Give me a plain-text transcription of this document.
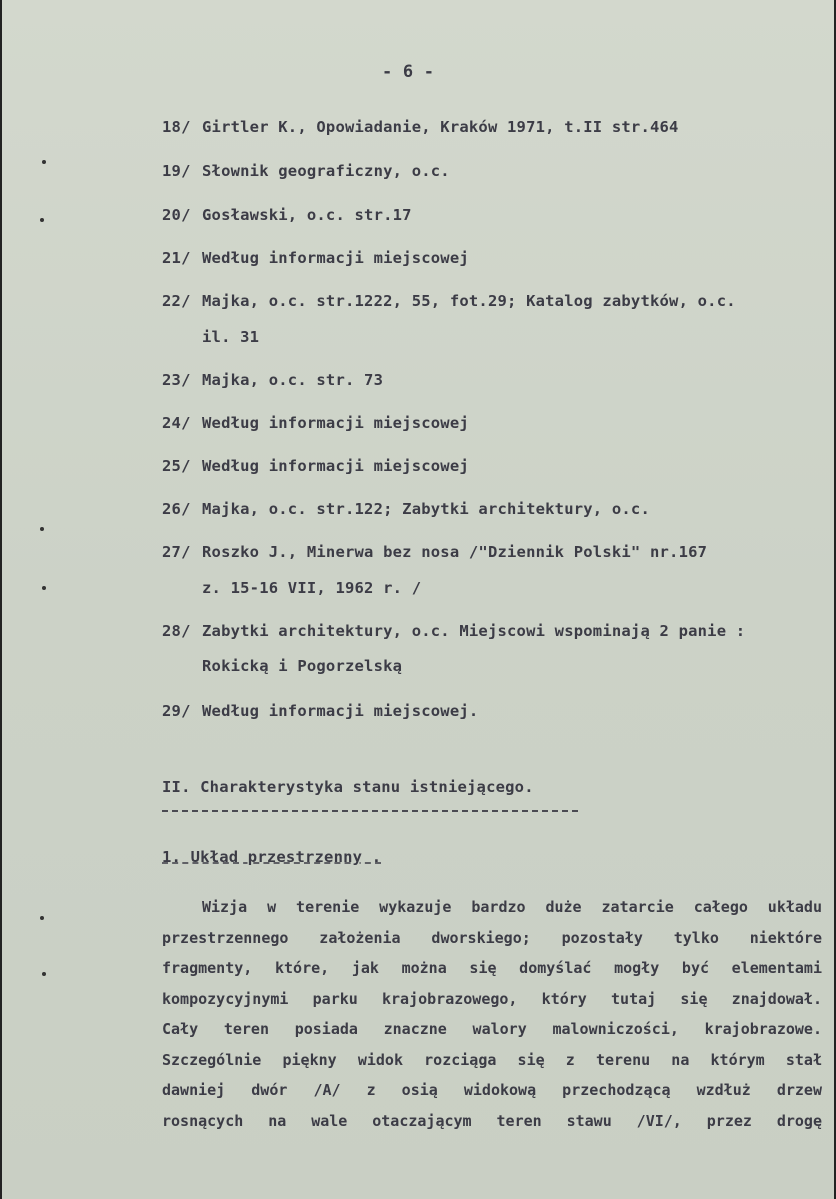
- 6 -
18/ Girtler K., Opowiadanie, Kraków 1971, t.II str.464
19/ Słownik geograficzny, o.c.
20/ Gosławski, o.c. str.17
21/ Według informacji miejscowej
22/ Majka, o.c. str.1222, 55, fot.29; Katalog zabytków, o.c.
il. 31
23/ Majka, o.c. str. 73
24/ Według informacji miejscowej
25/ Według informacji miejscowej
26/ Majka, o.c. str.122; Zabytki architektury, o.c.
27/ Roszko J., Minerwa bez nosa /"Dziennik Polski" nr.167
z. 15-16 VII, 1962 r. /
28/ Zabytki architektury, o.c. Miejscowi wspominają 2 panie :
Rokicką i Pogorzelską
29/ Według informacji miejscowej.
II. Charakterystyka stanu istniejącego.
1. Układ przestrzenny .
Wizja w terenie wykazuje bardzo duże zatarcie całego układu
przestrzennego założenia dworskiego; pozostały tylko niektóre
fragmenty, które, jak można się domyślać mogły być elementami
kompozycyjnymi parku krajobrazowego, który tutaj się znajdował.
Cały teren posiada znaczne walory malowniczości, krajobrazowe.
Szczególnie piękny widok rozciąga się z terenu na którym stał
dawniej dwór /A/ z osią widokową przechodzącą wzdłuż drzew
rosnących na wale otaczającym teren stawu /VI/, przez drogę
